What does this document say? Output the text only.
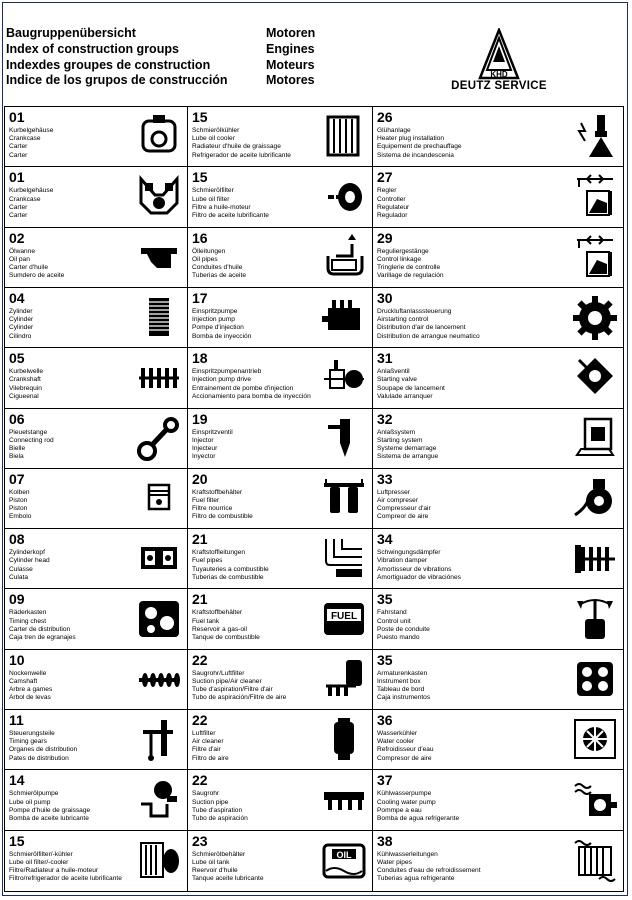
Baugruppenübersicht
Index of construction groups
Indexdes groupes de construction
Indice de los grupos de construcción
Motoren
Engines
Moteurs
Motores	KHD
DEUTZ SERVICE
01
Kurbelgehäuse
Crankcase
Carter
Carter
15
Schmierölkühler
Lube oil cooler
Radiateur d'huile de graissage
Refrigerador de aceite lubrificante
26
Glühanlage
Heater plug installation
Equipement de prechauffage
Sistema de incandescenia
01
Kurbelgehäuse
Crankcase
Carter
Carter
15
Schmierölfilter
Lube oil filter
Filtre a huile-moteur
Filtro de aceite lubrificante
27
Regler
Controller
Regulateur
Regulador
02
Ölwanne
Oil pan
Carter d'huile
Sumdero de aceite
16
Ölleitungen
Oil pipes
Conduites d'huile
Tuberias de aceite
29
Reguliergestänge
Control linkage
Tringlerie de controlle
Varillage de regulación
04
Zylinder
Cylinder
Cylinder
Cilindro
17
Einspritzpumpe
Injection pump
Pompe d'injection
Bomba de inyección
30
Druckluftanlasssteuerung
Airstarting control
Distribution d'air de lancement
Distribution de arrangue neumatico
05
Kurbelwelle
Crankshaft
Vilebrequin
Cigueenal
18
Einspritzpumpenantrieb
Injection pump drive
Entrainement de pombe d'injection
Accionamiento para bomba de inyección
31
Anlaßventil
Starting valve
Soupape de lancement
Valulade arranquer
06
Pleuelstange
Connecting rod
Bielle
Biela
19
Einspritzventil
Injector
Injecteur
Inyector
32
Anlaßsystem
Starting system
Systeme demarrage
Sistema de arrangue
07
Kolben
Piston
Piston
Embolo
20
Kraftstoffbehälter
Fuel filter
Filtre nourrice
Filtro de combustible
33
Luftpresser
Air compreser
Compresseur d'air
Compreor de aire
08
Zylinderkopf
Cylinder head
Culasse
Culata
21
Kraftstoffleitungen
Fuel pipes
Tuyauteries a combustible
Tuberias de combustible
34
Schwingungsdämpfer
Vibration damper
Amortisseur de vibrations
Amortiguador de vibraciónes
09
Räderkasten
Timing chest
Carter de distribution
Caja tren de egranajes
21
Kraftstoffbehälter
Fuel tank
Reservoir a gas-oil
Tanque de combustible
FUEL
35
Fahrstand
Control unit
Poste de conduite
Puesto mando
10
Nockenwelle
Camshaft
Arbre a games
Arbol de levas
22
Saugrohr/Luftfilter
Suction pipe/Air cleaner
Tube d'aspiration/Filtre d'air
Tubo de aspiración/Filtre de aire
35
Armaturenkasten
Instrument box
Tableau de bord
Caja instrumentos
11
Steuerungsteile
Timing gears
Organes de distribution
Pates de distribution
22
Luftfilter
Air cleaner
Filtre d'air
Filtro de aire
36
Wasserkühler
Water cooler
Refroidisseur d'eau
Compresor de aire
14
Schmierölpumpe
Lube oil pump
Pompe d'huile de graissage
Bomba de aceite lubricante
22
Saugrohr
Suction pipe
Tube d'aspiration
Tubo de aspiración
37
Kühlwasserpumpe
Cooling water pump
Pommpe a eau
Bomba de agua refrigerante
15
Schmierölfilter/-kühler
Lube oil filter/-cooler
Filtre/Radiateur a huile-moteur
Filtro/refrigerador de aceite lubrificante
23
Schmierölbehälter
Lube oil tank
Reervoir d'huile
Tanque aceite lubricante
OIL
38
Kühlwasserleitungen
Water pipes
Conduites d'eau de refroidissement
Tuberias agua refrigerante
